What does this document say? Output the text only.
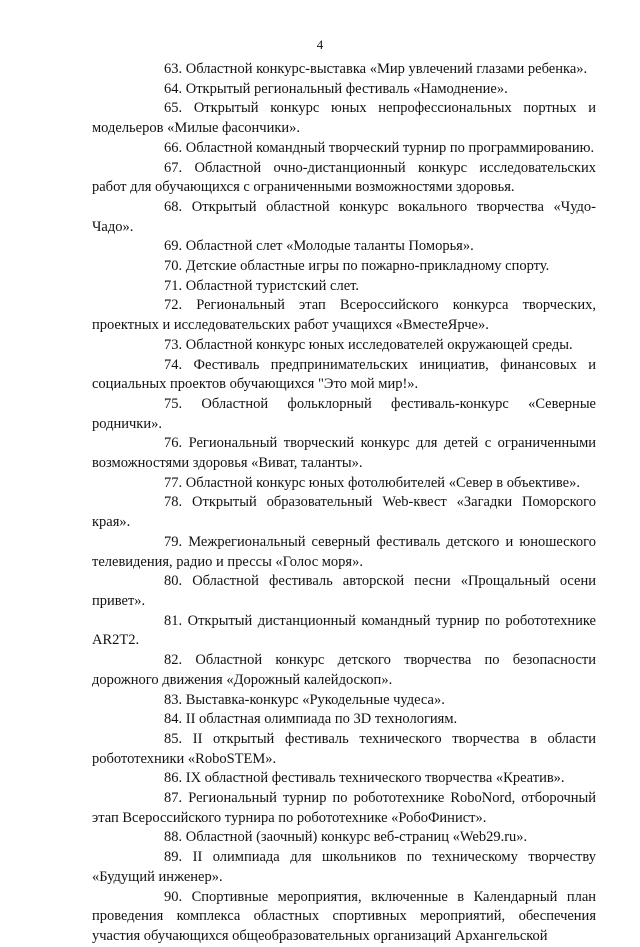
4

63. Областной конкурс-выставка «Мир увлечений глазами ребенка».

64. Открытый региональный фестиваль «Намоднение».

65. Открытый конкурс юных непрофессиональных портных и модельеров «Милые фасончики».

66. Областной командный творческий турнир по программированию.

67. Областной очно-дистанционный конкурс исследовательских работ для обучающихся с ограниченными возможностями здоровья.

68. Открытый областной конкурс вокального творчества «Чудо-Чадо».

69. Областной слет «Молодые таланты Поморья».

70. Детские областные игры по пожарно-прикладному спорту.

71. Областной туристский слет.

72. Региональный этап Всероссийского конкурса творческих, проектных и исследовательских работ учащихся «ВместеЯрче».

73. Областной конкурс юных исследователей окружающей среды.

74. Фестиваль предпринимательских инициатив, финансовых и социальных проектов обучающихся "Это мой мир!».

75. Областной фольклорный фестиваль-конкурс «Северные роднички».

76. Региональный творческий конкурс для детей с ограниченными возможностями здоровья «Виват, таланты».

77. Областной конкурс юных фотолюбителей «Север в объективе».

78. Открытый образовательный Web-квест «Загадки Поморского края».

79. Межрегиональный северный фестиваль детского и юношеского телевидения, радио и прессы «Голос моря».

80. Областной фестиваль авторской песни «Прощальный осени привет».

81. Открытый дистанционный командный турнир по робототехнике AR2T2.

82. Областной конкурс детского творчества по безопасности дорожного движения «Дорожный калейдоскоп».

83. Выставка-конкурс «Рукодельные чудеса».

84. II областная олимпиада по 3D технологиям.

85. II открытый фестиваль технического творчества в области робототехники «RoboSTEM».

86. IX областной фестиваль технического творчества «Креатив».

87. Региональный турнир по робототехнике RoboNord, отборочный этап Всероссийского турнира по робототехнике «РобоФинист».

88. Областной (заочный) конкурс веб-страниц «Web29.ru».

89. II олимпиада для школьников по техническому творчеству «Будущий инженер».

90. Спортивные мероприятия, включенные в Календарный план проведения комплекса областных спортивных мероприятий, обеспечения участия обучающихся общеобразовательных организаций Архангельской
